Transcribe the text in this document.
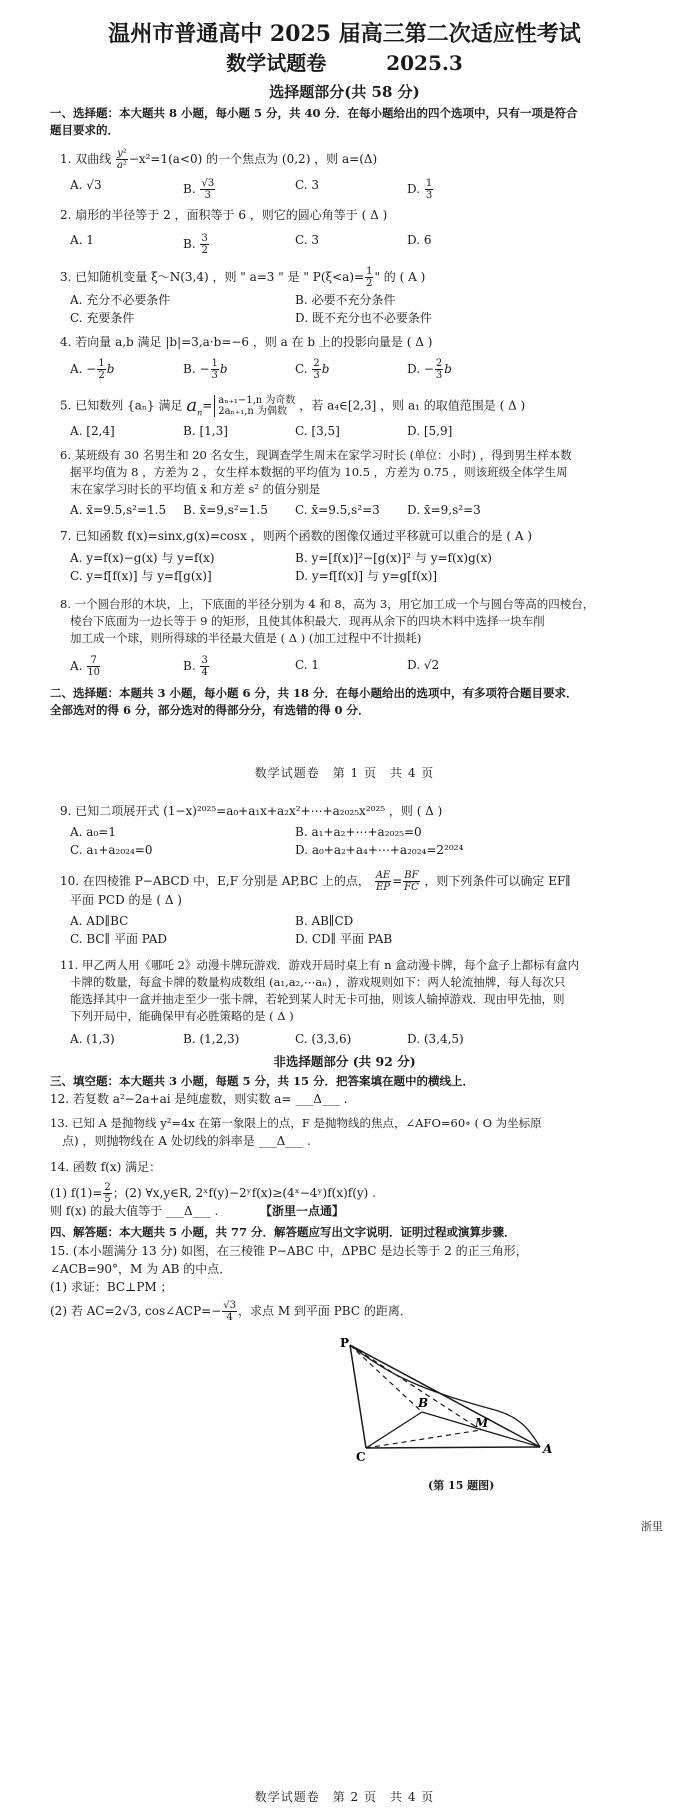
温州市普通高中 2025 届高三第二次适应性考试
数学试题卷　　　2025.3
选择题部分(共 58 分)
一、选择题：本大题共 8 小题，每小题 5 分，共 40 分．在每小题给出的四个选项中，只有一项是符合
题目要求的．
1. 双曲线 $\frac{\text{y²}}{\text{a²}} -x^2=1(a<0)$ 的一个焦点为 (0,2) ，则 a=(Δ)
A. √3	B. $\frac{√3}{3}$	C. 3	D. $\frac{1}{3}$
2. 扇形的半径等于 2 ，面积等于 6 ，则它的圆心角等于 ( Δ )
A. 1	B. $\frac{3}{2}$	C. 3	D. 6
3. 已知随机变量 ξ～N(3,4) ，则 " a=3 " 是 " $P(\xi<a)= \frac{1}{2}$ " 的 ( A )
A. 充分不必要条件	B. 必要不充分条件
C. 充要条件	D. 既不充分也不必要条件
4. 若向量 a,b 满足 |b|=3,a·b=−6 ，则 a 在 b 上的投影向量是 ( Δ )
A. − $\frac{1}{2}$ b	B. − $\frac{1}{3}$ b	C. $\frac{2}{3}$ b	D. − $\frac{2}{3}$ b
5. 已知数列 {aₙ} 满足 $a_n= a_{n+1}-1,n$ 为奇数
2aₙ₊₁,n 为偶数	，若 a₄∈[2,3] ，则 a₁ 的取值范围是 ( Δ )
A. [2,4]	B. [1,3]	C. [3,5]	D. [5,9]
6. 某班级有 30 名男生和 20 名女生，现调查学生周末在家学习时长 (单位：小时) ，得到男生样本数
据平均值为 8 ，方差为 2 ，女生样本数据的平均值为 10.5 ，方差为 0.75 ，则该班级全体学生周
末在家学习时长的平均值 x̄ 和方差 s² 的值分别是
A. x̄=9.5,s²=1.5 B. x̄=9,s²=1.5 C. x̄=9.5,s²=3 D. x̄=9,s²=3
7. 已知函数 f(x)=sinx,g(x)=cosx ，则两个函数的图像仅通过平移就可以重合的是 ( A )
A. y=f(x)−g(x) 与 y=f(x)	B. y=[f(x)]²−[g(x)]² 与 y=f(x)g(x)
C. y=f[f(x)] 与 y=f[g(x)]	D. y=f[f(x)] 与 y=g[f(x)]
8. 一个圆台形的木块，上，下底面的半径分别为 4 和 8，高为 3，用它加工成一个与圆台等高的四棱台，
棱台下底面为一边长等于 9 的矩形，且使其体积最大．现再从余下的四块木料中选择一块车削
加工成一个球，则所得球的半径最大值是 ( Δ ) (加工过程中不计损耗)
A. $\frac{7}{10}$	B. $\frac{3}{4}$	C. 1	D. √2
二、选择题：本题共 3 小题，每小题 6 分，共 18 分．在每小题给出的选项中，有多项符合题目要求．
全部选对的得 6 分，部分选对的得部分分，有选错的得 0 分．
数学试题卷　第 1 页　共 4 页
9. 已知二项展开式 (1−x)²⁰²⁵=a₀+a₁x+a₂x²+⋯+a₂₀₂₅x²⁰²⁵ ，则 ( Δ )
A. a₀=1	B. a₁+a₂+⋯+a₂₀₂₅=0
C. a₁+a₂₀₂₄=0	D. a₀+a₂+a₄+⋯+a₂₀₂₄=2²⁰²⁴
10. 在四棱锥 P−ABCD 中，E,F 分别是 AP,BC 上的点， $\frac{AE}{EP} = \frac{BF}{FC}$ ，则下列条件可以确定 EF∥
平面 PCD 的是 ( Δ )
A. AD∥BC	B. AB∥CD
C. BC∥ 平面 PAD	D. CD∥ 平面 PAB
11. 甲乙两人用《哪吒 2》动漫卡牌玩游戏．游戏开局时桌上有 n 盒动漫卡牌，每个盒子上都标有盒内
卡牌的数量，每盒卡牌的数量构成数组 (a₁,a₂,⋯aₙ) ，游戏规则如下：两人轮流抽牌，每人每次只
能选择其中一盒并抽走至少一张卡牌，若轮到某人时无卡可抽，则该人输掉游戏．现由甲先抽，则
下列开局中，能确保甲有必胜策略的是 ( Δ )
A. (1,3)	B. (1,2,3)	C. (3,3,6)	D. (3,4,5)
非选择题部分 (共 92 分)
三、填空题：本大题共 3 小题，每题 5 分，共 15 分．把答案填在题中的横线上．
12. 若复数 a²−2a+ai 是纯虚数，则实数 a= ___Δ___ .
13. 已知 A 是抛物线 y²=4x 在第一象限上的点，F 是抛物线的焦点，∠AFO=60∘ ( O 为坐标原
点) ，则抛物线在 A 处切线的斜率是 ___Δ___ .
14. 函数 f(x) 满足：
(1) $f(1)= \frac{2}{5}$ ；(2) ∀x,y∈R, 2ˣf(y)−2ʸf(x)≥(4ˣ−4ʸ)f(x)f(y) .
则 f(x) 的最大值等于 ___Δ___ .	【浙里一点通】
四、解答题：本大题共 5 小题，共 77 分．解答题应写出文字说明．证明过程或演算步骤．
15. (本小题满分 13 分) 如图，在三棱锥 P−ABC 中，ΔPBC 是边长等于 2 的正三角形，
∠ACB=90°，M 为 AB 的中点．
(1) 求证：BC⊥PM ；
(2) 若 AC=2√3, cos∠ACP=− $\frac{√3}{4}$ ，求点 M 到平面 PBC 的距离．
P
B
M
C
A
(第 15 题图)
浙里
数学试题卷　第 2 页　共 4 页
